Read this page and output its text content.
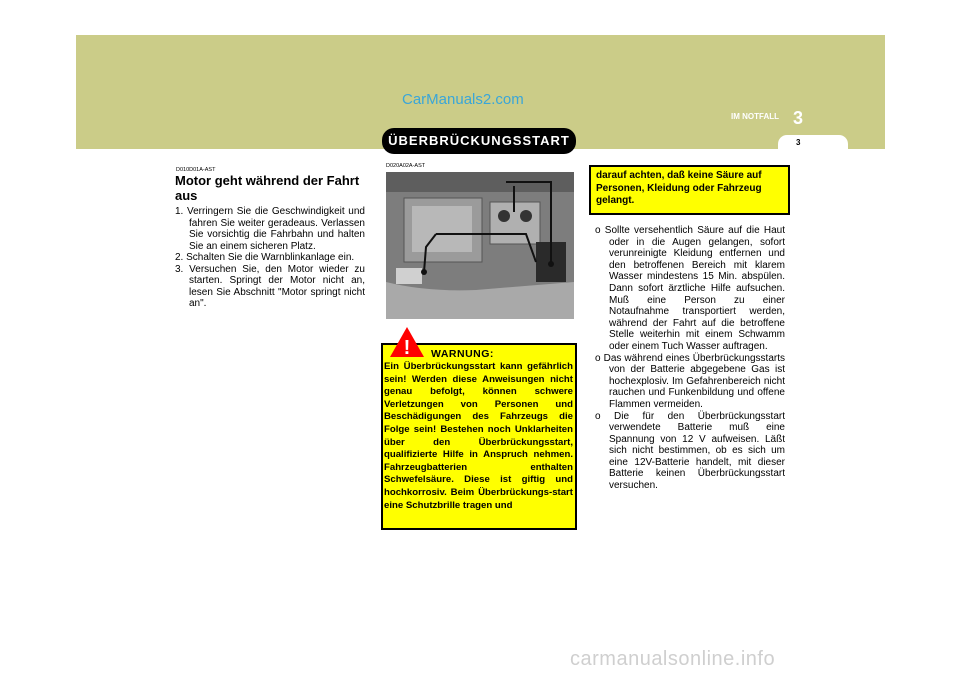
CarManuals2.com
ÜBERBRÜCKUNGSSTART
IM NOTFALL 3
3
D010D01A-AST
Motor geht während der Fahrt aus
1. Verringern Sie die Geschwindigkeit und fahren Sie weiter geradeaus. Verlassen Sie vorsichtig die Fahrbahn und halten Sie an einem sicheren Platz.
2. Schalten Sie die Warnblinkanlage ein.
3. Versuchen Sie, den Motor wieder zu starten. Springt der Motor nicht an, lesen Sie Abschnitt "Motor springt nicht an".
D020A02A-AST
OCM054001
! WARNUNG:

Ein Überbrückungsstart kann gefährlich sein! Werden diese Anweisungen nicht genau befolgt, können schwere Verletzungen von Personen und Beschädigungen des Fahrzeugs die Folge sein! Bestehen noch Unklarheiten über den Überbrückungsstart, qualifizierte Hilfe in Anspruch nehmen. Fahrzeugbatterien enthalten Schwefelsäure. Diese ist giftig und hochkorrosiv. Beim Überbrückungs-start eine Schutzbrille tragen und

darauf achten, daß keine Säure auf Personen, Kleidung oder Fahrzeug gelangt.

o Sollte versehentlich Säure auf die Haut oder in die Augen gelangen, sofort verunreinigte Kleidung entfernen und den betroffenen Bereich mit klarem Wasser mindestens 15 Min. abspülen. Dann sofort ärztliche Hilfe aufsuchen. Muß eine Person zu einer Notaufnahme transportiert werden, während der Fahrt auf die betroffene Stelle weiterhin mit einem Schwamm oder einem Tuch Wasser auftragen.
o Das während eines Überbrückungsstarts von der Batterie abgegebene Gas ist hochexplosiv. Im Gefahrenbereich nicht rauchen und Funkenbildung und offene Flammen vermeiden.
o Die für den Überbrückungsstart verwendete Batterie muß eine Spannung von 12 V aufweisen. Läßt sich nicht bestimmen, ob es sich um eine 12V-Batterie handelt, mit dieser Batterie keinen Überbrückungsstart versuchen.
carmanualsonline.info
